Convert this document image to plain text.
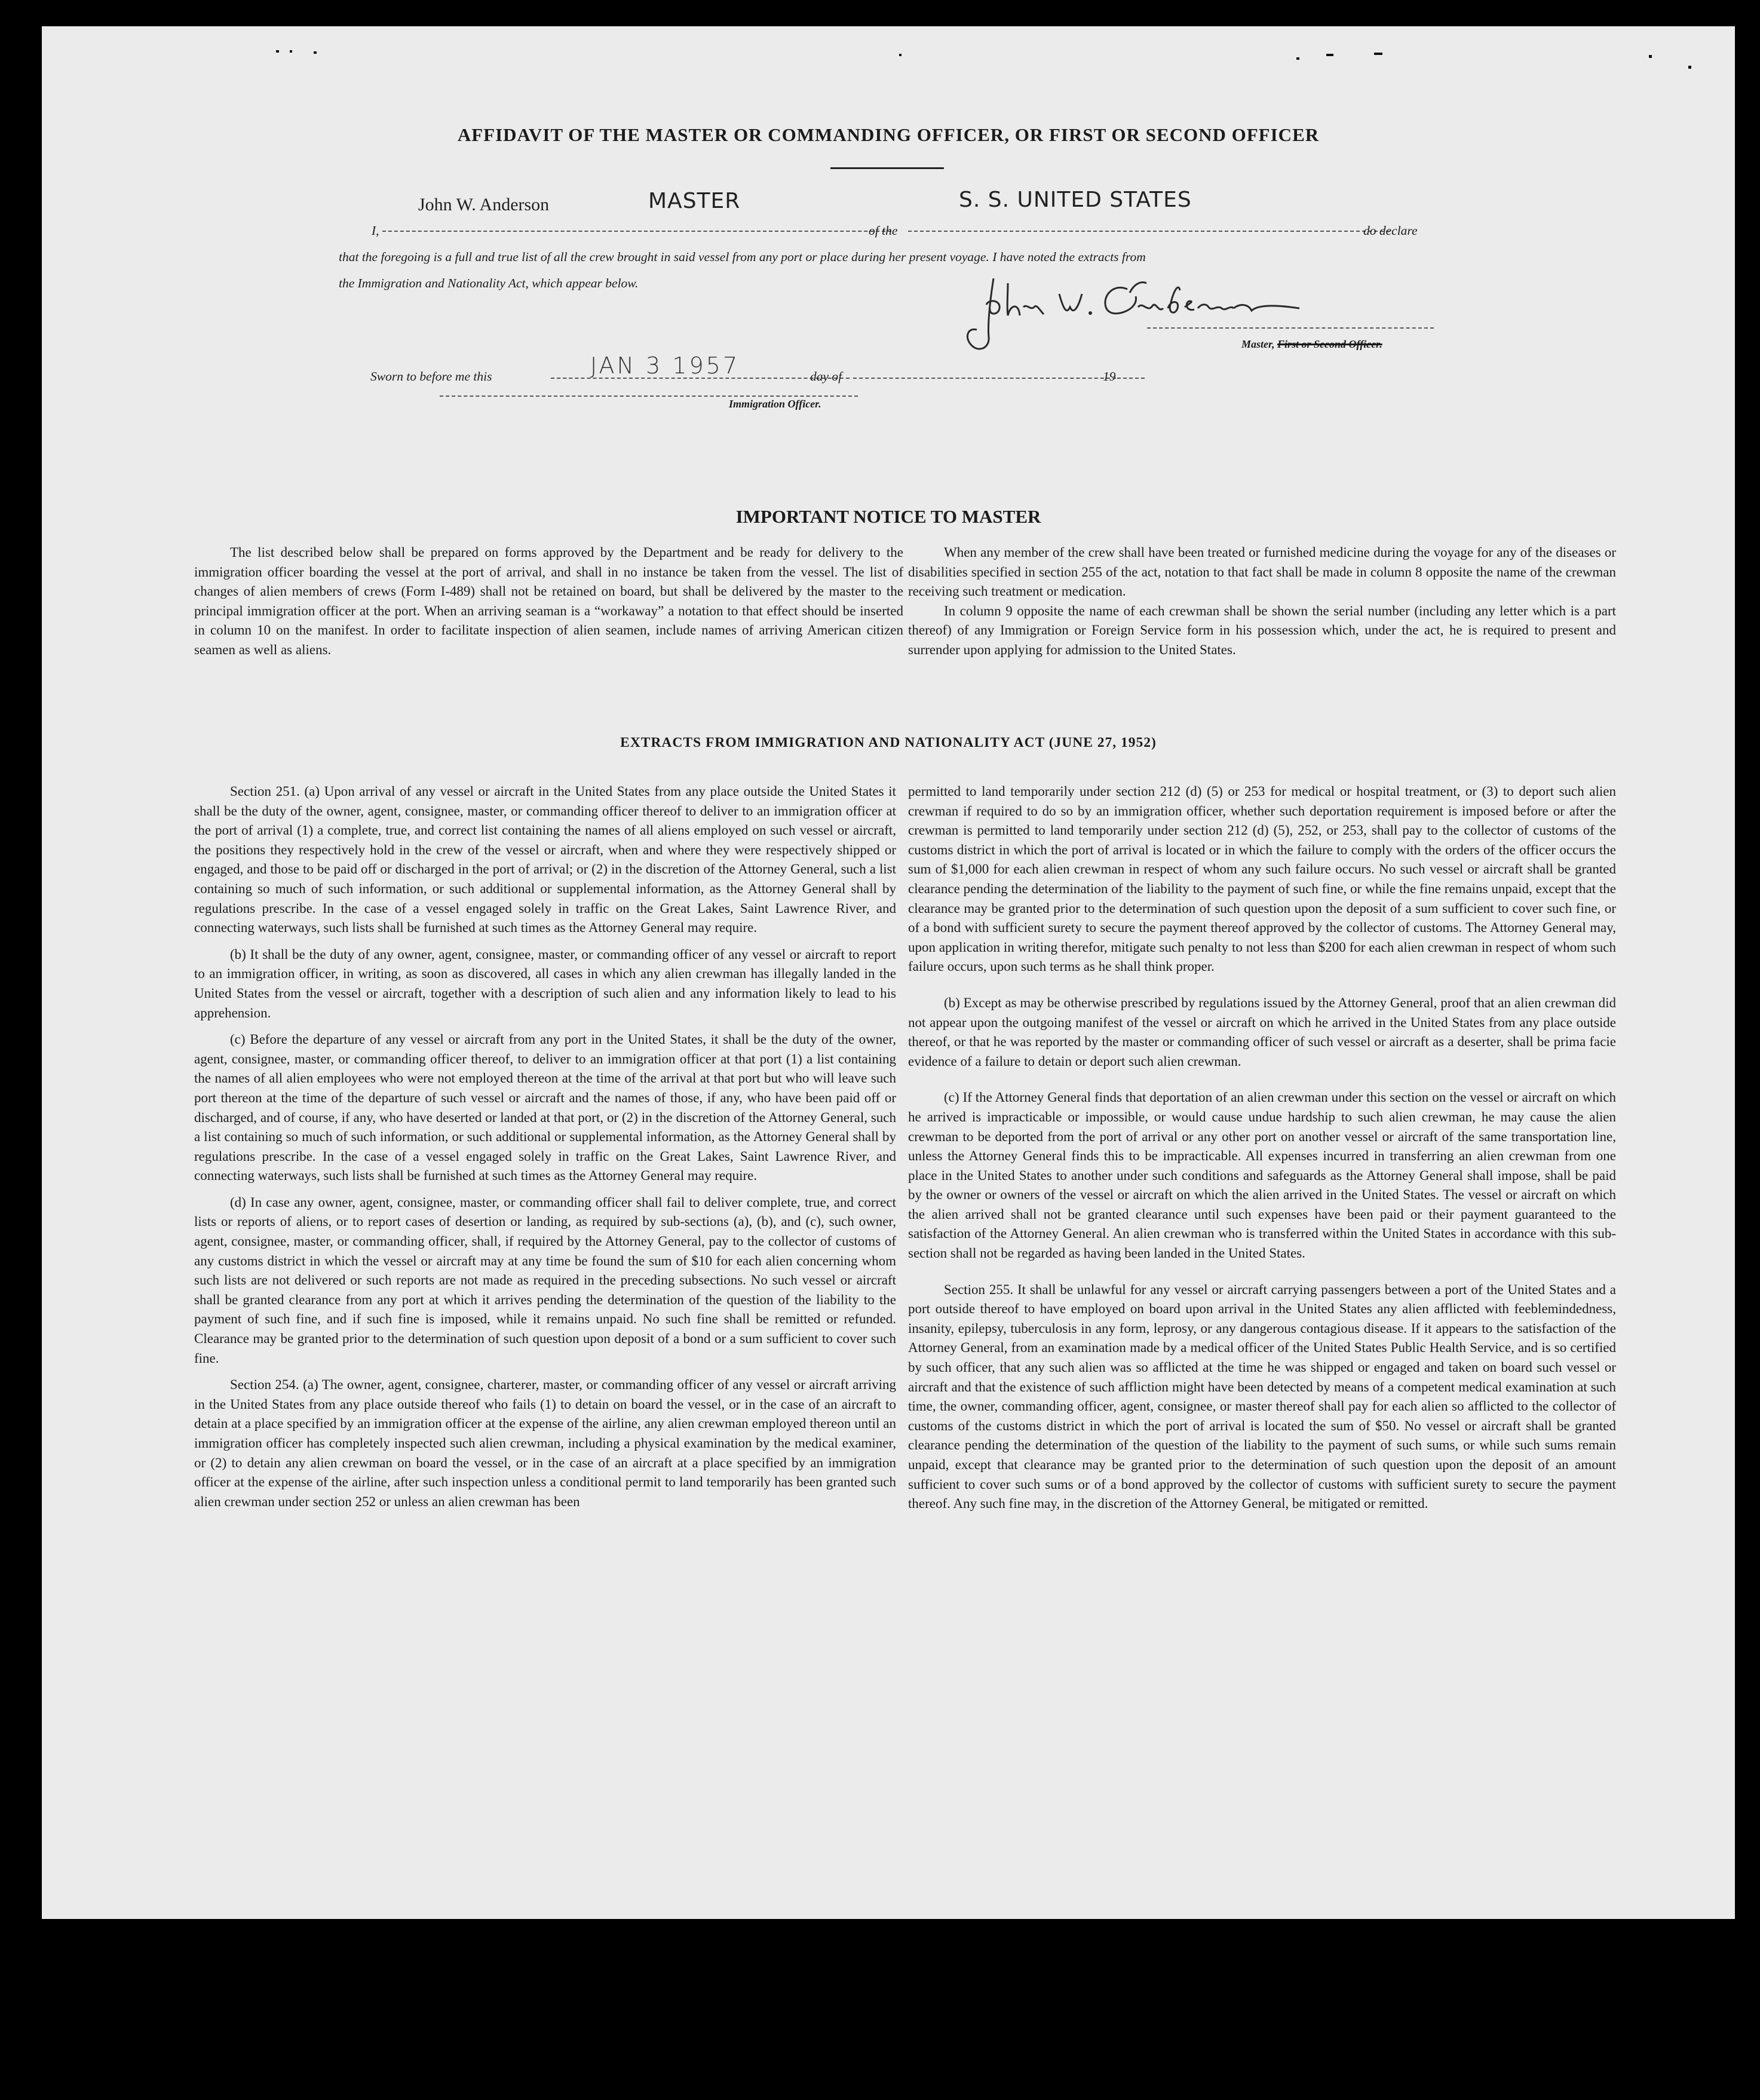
AFFIDAVIT OF THE MASTER OR COMMANDING OFFICER, OR FIRST OR SECOND OFFICER
I,
John W. Anderson	MASTER
of the
S. S. UNITED STATES
do declare
that the foregoing is a full and true list of all the crew brought in said vessel from any port or place during her present voyage. I have noted the extracts from
the Immigration and Nationality Act, which appear below.
Master, First or Second Officer.
Sworn to before me this	JAN 3 1957	day of	19
Immigration Officer.
IMPORTANT NOTICE TO MASTER

The list described below shall be prepared on forms approved by the Department and be ready for delivery to the immigration officer boarding the vessel at the port of arrival, and shall in no instance be taken from the vessel. The list of changes of alien members of crews (Form I-489) shall not be retained on board, but shall be delivered by the master to the principal immigration officer at the port. When an arriving seaman is a “workaway” a notation to that effect should be inserted in column 10 on the manifest. In order to facilitate inspection of alien seamen, include names of arriving American citizen seamen as well as aliens.

When any member of the crew shall have been treated or furnished medicine during the voyage for any of the diseases or disabilities specified in section 255 of the act, notation to that fact shall be made in column 8 opposite the name of the crewman receiving such treatment or medication.

In column 9 opposite the name of each crewman shall be shown the serial number (including any letter which is a part thereof) of any Immigration or Foreign Service form in his possession which, under the act, he is required to present and surrender upon applying for admission to the United States.

EXTRACTS FROM IMMIGRATION AND NATIONALITY ACT (JUNE 27, 1952)

Section 251. (a) Upon arrival of any vessel or aircraft in the United States from any place outside the United States it shall be the duty of the owner, agent, consignee, master, or commanding officer thereof to deliver to an immigration officer at the port of arrival (1) a complete, true, and correct list containing the names of all aliens employed on such vessel or aircraft, the positions they respectively hold in the crew of the vessel or aircraft, when and where they were respectively shipped or engaged, and those to be paid off or discharged in the port of arrival; or (2) in the discretion of the Attorney General, such a list containing so much of such information, or such additional or supplemental information, as the Attorney General shall by regulations prescribe. In the case of a vessel engaged solely in traffic on the Great Lakes, Saint Lawrence River, and connecting waterways, such lists shall be furnished at such times as the Attorney General may require.

(b) It shall be the duty of any owner, agent, consignee, master, or commanding officer of any vessel or aircraft to report to an immigration officer, in writing, as soon as discovered, all cases in which any alien crewman has illegally landed in the United States from the vessel or aircraft, together with a description of such alien and any information likely to lead to his apprehension.

(c) Before the departure of any vessel or aircraft from any port in the United States, it shall be the duty of the owner, agent, consignee, master, or commanding officer thereof, to deliver to an immigration officer at that port (1) a list containing the names of all alien employees who were not employed thereon at the time of the arrival at that port but who will leave such port thereon at the time of the departure of such vessel or aircraft and the names of those, if any, who have been paid off or discharged, and of course, if any, who have deserted or landed at that port, or (2) in the discretion of the Attorney General, such a list containing so much of such information, or such additional or supplemental information, as the Attorney General shall by regulations prescribe. In the case of a vessel engaged solely in traffic on the Great Lakes, Saint Lawrence River, and connecting waterways, such lists shall be furnished at such times as the Attorney General may require.

(d) In case any owner, agent, consignee, master, or commanding officer shall fail to deliver complete, true, and correct lists or reports of aliens, or to report cases of desertion or landing, as required by sub-sections (a), (b), and (c), such owner, agent, consignee, master, or commanding officer, shall, if required by the Attorney General, pay to the collector of customs of any customs district in which the vessel or aircraft may at any time be found the sum of $10 for each alien concerning whom such lists are not delivered or such reports are not made as required in the preceding subsections. No such vessel or aircraft shall be granted clearance from any port at which it arrives pending the determination of the question of the liability to the payment of such fine, and if such fine is imposed, while it remains unpaid. No such fine shall be remitted or refunded. Clearance may be granted prior to the determination of such question upon deposit of a bond or a sum sufficient to cover such fine.

Section 254. (a) The owner, agent, consignee, charterer, master, or commanding officer of any vessel or aircraft arriving in the United States from any place outside thereof who fails (1) to detain on board the vessel, or in the case of an aircraft to detain at a place specified by an immigration officer at the expense of the airline, any alien crewman employed thereon until an immigration officer has completely inspected such alien crewman, including a physical examination by the medical examiner, or (2) to detain any alien crewman on board the vessel, or in the case of an aircraft at a place specified by an immigration officer at the expense of the airline, after such inspection unless a conditional permit to land temporarily has been granted such alien crewman under section 252 or unless an alien crewman has been

permitted to land temporarily under section 212 (d) (5) or 253 for medical or hospital treatment, or (3) to deport such alien crewman if required to do so by an immigration officer, whether such deportation requirement is imposed before or after the crewman is permitted to land temporarily under section 212 (d) (5), 252, or 253, shall pay to the collector of customs of the customs district in which the port of arrival is located or in which the failure to comply with the orders of the officer occurs the sum of $1,000 for each alien crewman in respect of whom any such failure occurs. No such vessel or aircraft shall be granted clearance pending the determination of the liability to the payment of such fine, or while the fine remains unpaid, except that the clearance may be granted prior to the determination of such question upon the deposit of a sum sufficient to cover such fine, or of a bond with sufficient surety to secure the payment thereof approved by the collector of customs. The Attorney General may, upon application in writing therefor, mitigate such penalty to not less than $200 for each alien crewman in respect of whom such failure occurs, upon such terms as he shall think proper.

(b) Except as may be otherwise prescribed by regulations issued by the Attorney General, proof that an alien crewman did not appear upon the outgoing manifest of the vessel or aircraft on which he arrived in the United States from any place outside thereof, or that he was reported by the master or commanding officer of such vessel or aircraft as a deserter, shall be prima facie evidence of a failure to detain or deport such alien crewman.

(c) If the Attorney General finds that deportation of an alien crewman under this section on the vessel or aircraft on which he arrived is impracticable or impossible, or would cause undue hardship to such alien crewman, he may cause the alien crewman to be deported from the port of arrival or any other port on another vessel or aircraft of the same transportation line, unless the Attorney General finds this to be impracticable. All expenses incurred in transferring an alien crewman from one place in the United States to another under such conditions and safeguards as the Attorney General shall impose, shall be paid by the owner or owners of the vessel or aircraft on which the alien arrived in the United States. The vessel or aircraft on which the alien arrived shall not be granted clearance until such expenses have been paid or their payment guaranteed to the satisfaction of the Attorney General. An alien crewman who is transferred within the United States in accordance with this sub-section shall not be regarded as having been landed in the United States.

Section 255. It shall be unlawful for any vessel or aircraft carrying passengers between a port of the United States and a port outside thereof to have employed on board upon arrival in the United States any alien afflicted with feeblemindedness, insanity, epilepsy, tuberculosis in any form, leprosy, or any dangerous contagious disease. If it appears to the satisfaction of the Attorney General, from an examination made by a medical officer of the United States Public Health Service, and is so certified by such officer, that any such alien was so afflicted at the time he was shipped or engaged and taken on board such vessel or aircraft and that the existence of such affliction might have been detected by means of a competent medical examination at such time, the owner, commanding officer, agent, consignee, or master thereof shall pay for each alien so afflicted to the collector of customs of the customs district in which the port of arrival is located the sum of $50. No vessel or aircraft shall be granted clearance pending the determination of the question of the liability to the payment of such sums, or while such sums remain unpaid, except that clearance may be granted prior to the determination of such question upon the deposit of an amount sufficient to cover such sums or of a bond approved by the collector of customs with sufficient surety to secure the payment thereof. Any such fine may, in the discretion of the Attorney General, be mitigated or remitted.
